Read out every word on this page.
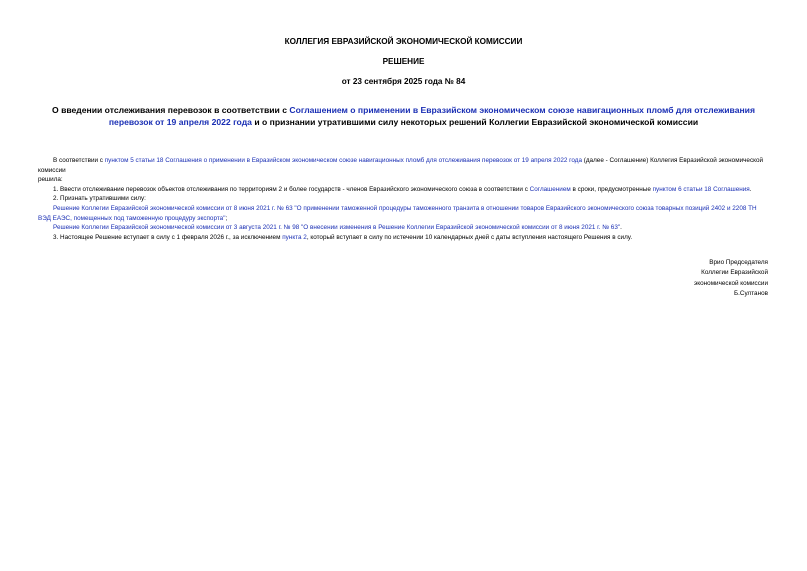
КОЛЛЕГИЯ ЕВРАЗИЙСКОЙ ЭКОНОМИЧЕСКОЙ КОМИССИИ
РЕШЕНИЕ
от 23 сентября 2025 года № 84
О введении отслеживания перевозок в соответствии с Соглашением о применении в Евразийском экономическом союзе навигационных пломб для отслеживания перевозок от 19 апреля 2022 года и о признании утратившими силу некоторых решений Коллегии Евразийской экономической комиссии

В соответствии с пунктом 5 статьи 18 Соглашения о применении в Евразийском экономическом союзе навигационных пломб для отслеживания перевозок от 19 апреля 2022 года (далее - Соглашение) Коллегия Евразийской экономической комиссии

решила:

1. Ввести отслеживание перевозок объектов отслеживания по территориям 2 и более государств - членов Евразийского экономического союза в соответствии с Соглашением в сроки, предусмотренные пунктом 6 статьи 18 Соглашения.

2. Признать утратившими силу:

Решение Коллегии Евразийской экономической комиссии от 8 июня 2021 г. № 63 "О применении таможенной процедуры таможенного транзита в отношении товаров Евразийского экономического союза товарных позиций 2402 и 2208 ТН ВЭД ЕАЭС, помещенных под таможенную процедуру экспорта";

Решение Коллегии Евразийской экономической комиссии от 3 августа 2021 г. № 98 "О внесении изменения в Решение Коллегии Евразийской экономической комиссии от 8 июня 2021 г. № 63".

3. Настоящее Решение вступает в силу с 1 февраля 2026 г., за исключением пункта 2, который вступает в силу по истечении 10 календарных дней с даты вступления настоящего Решения в силу.

Врио Председателя
Коллегии Евразийской
экономической комиссии
Б.Султанов
